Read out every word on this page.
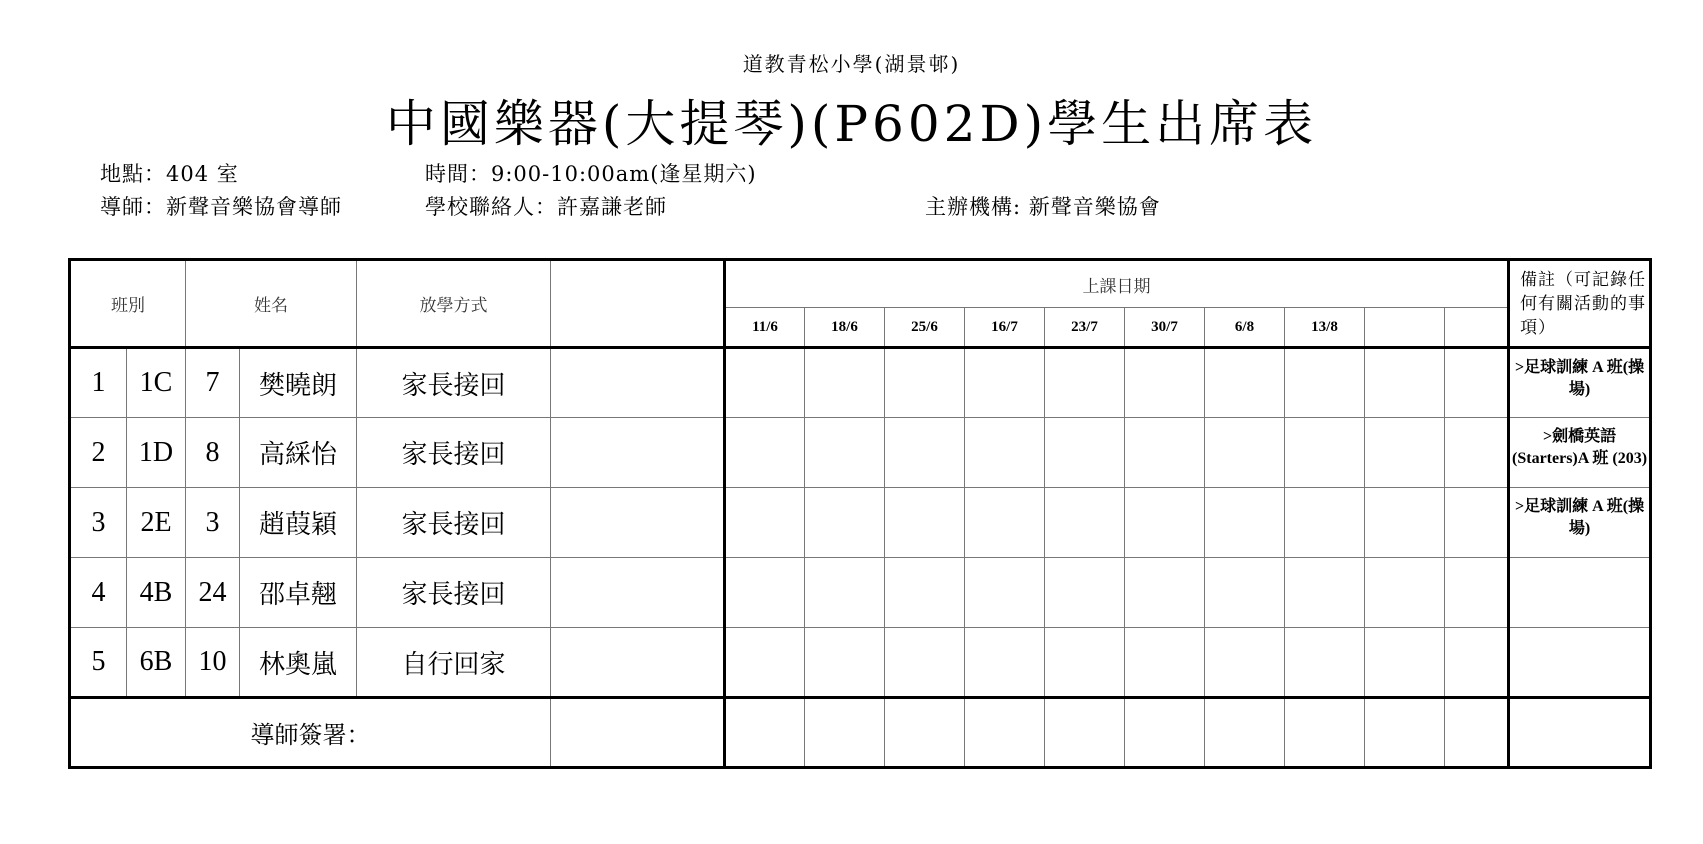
道教青松小學(湖景邨)
中國樂器(大提琴)(P602D)學生出席表
地點：404 室	時間：9:00-10:00am(逢星期六)
導師：新聲音樂協會導師	學校聯絡人：許嘉謙老師	主辦機構: 新聲音樂協會
班別		姓名		放學方式		上課日期										備註（可記錄任何有關活動的事項）
						11/6	18/6	25/6	16/7	23/7	30/7	6/8	13/8			
1	1C	7	樊曉朗	家長接回												>足球訓練 A 班(操場)
2	1D	8	高綵怡	家長接回												>劍橋英語 (Starters)A 班 (203)
3	2E	3	趙葭穎	家長接回												>足球訓練 A 班(操場)
4	4B	24	邵卓翹	家長接回												
5	6B	10	林奧嵐	自行回家												
導師簽署：																
